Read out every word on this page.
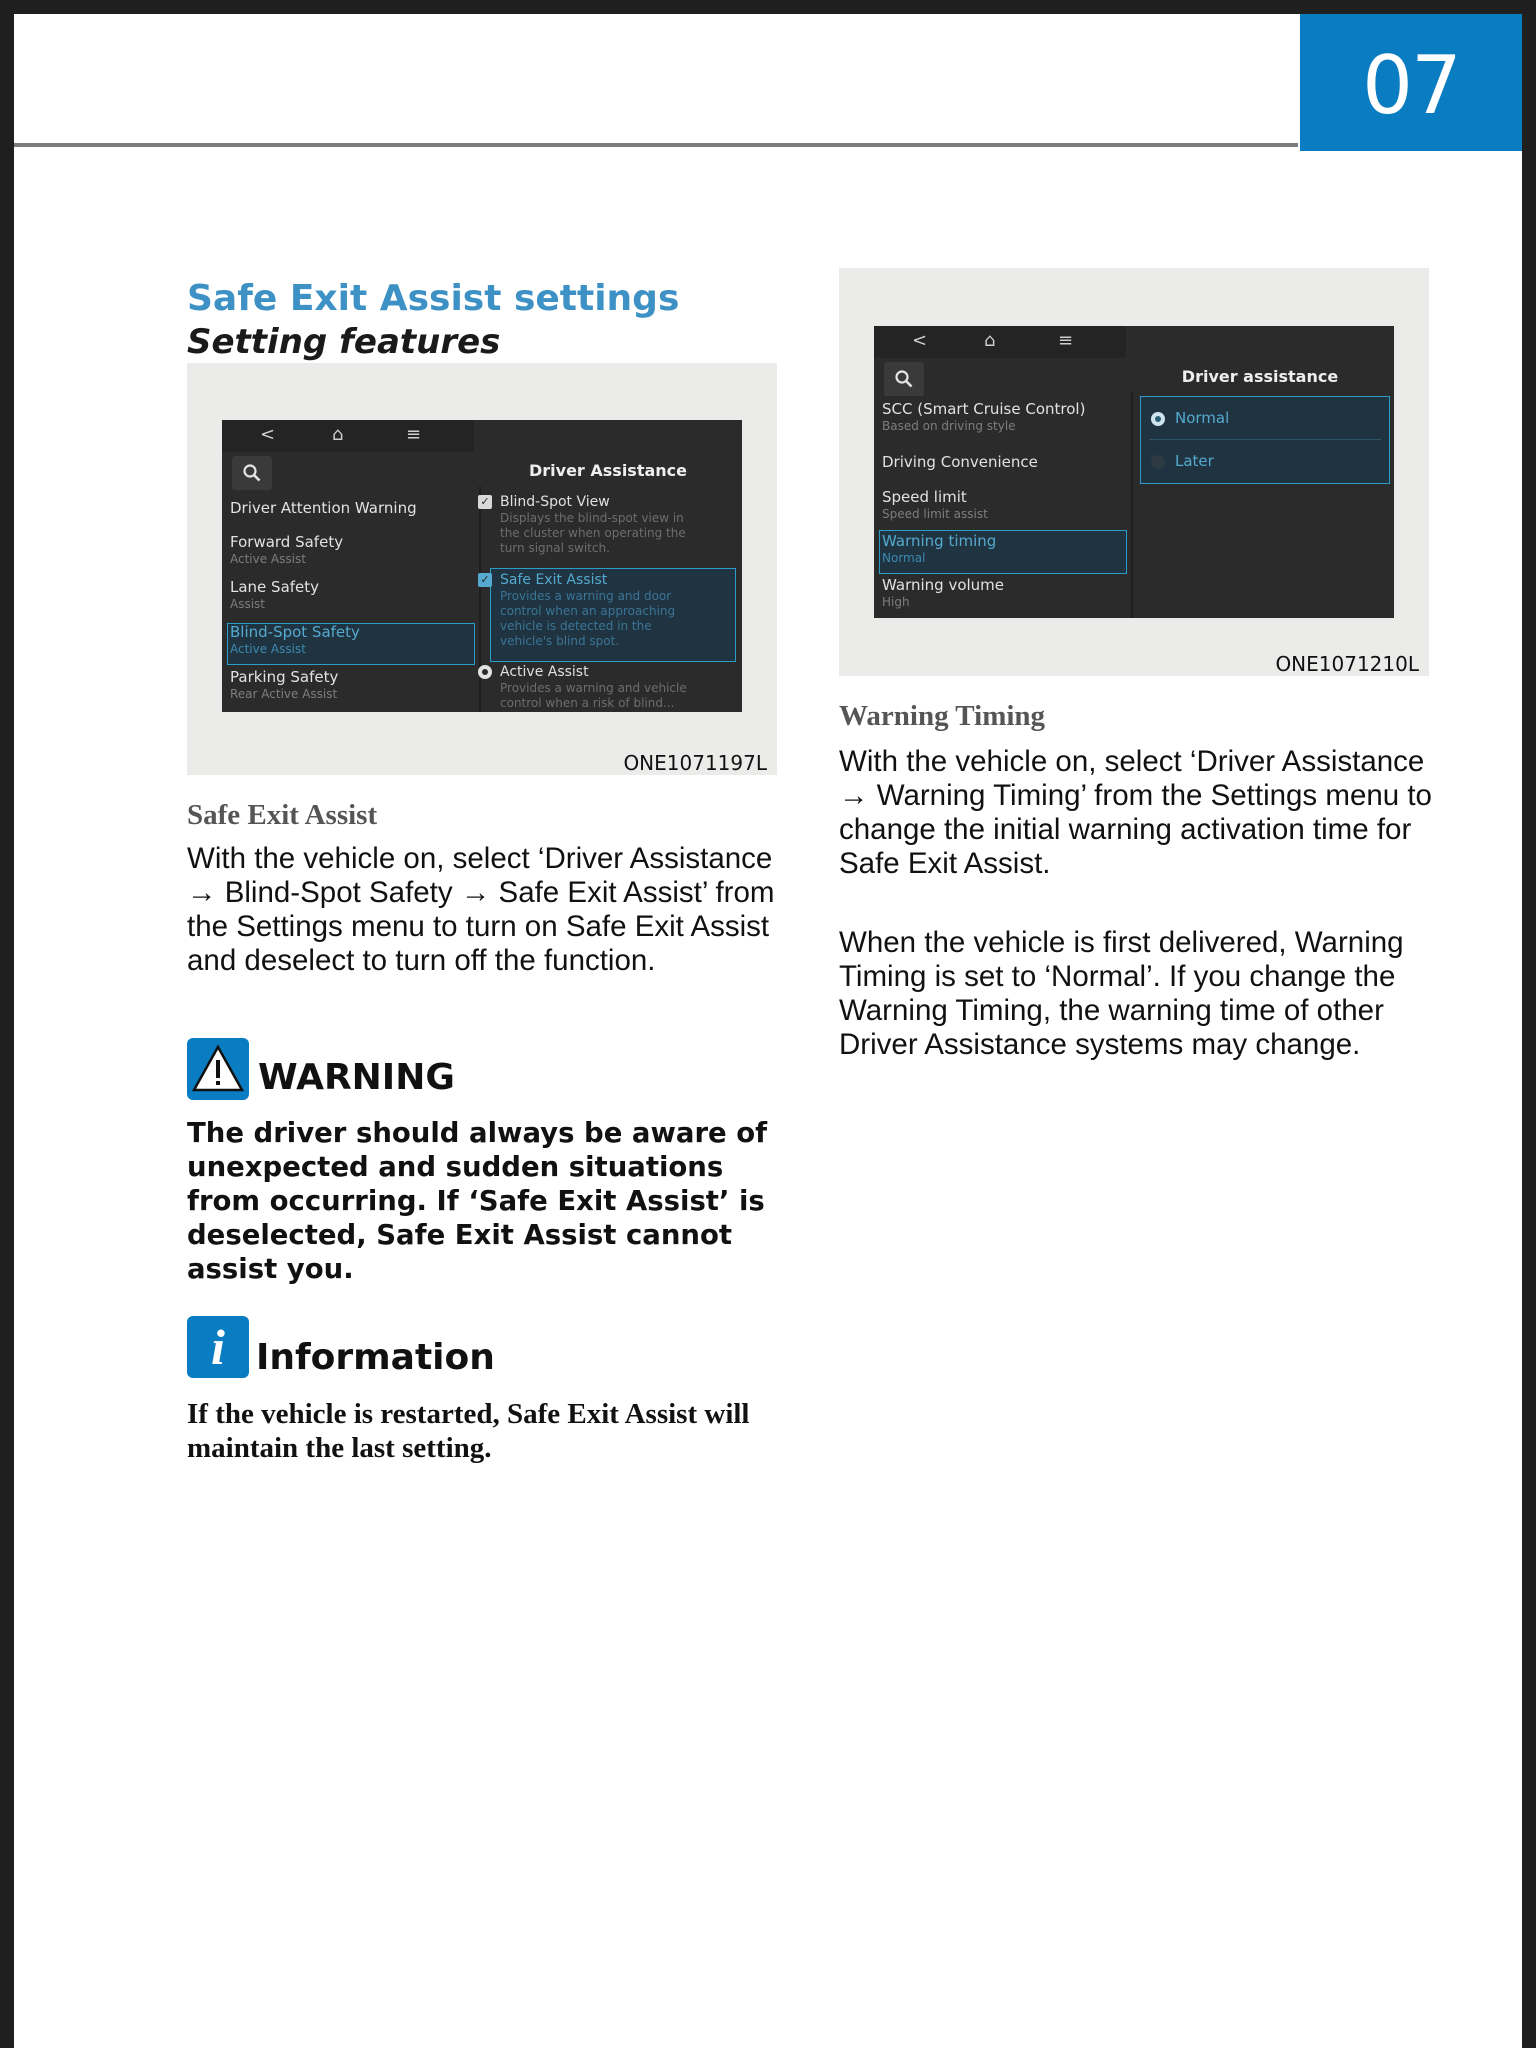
07
Safe Exit Assist settings
Setting features
<	⌂	≡
Driver Assistance
Driver Attention Warning
Forward Safety
Active Assist
Lane Safety
Assist
Blind-Spot Safety
Active Assist
Parking Safety
Rear Active Assist
✓ Blind-Spot View
Displays the blind-spot view in the cluster when operating the turn signal switch.
✓ Safe Exit Assist
Provides a warning and door control when an approaching vehicle is detected in the vehicle's blind spot.
Active Assist
Provides a warning and vehicle control when a risk of blind...
ONE1071197L
<	⌂	≡
Driver assistance
SCC (Smart Cruise Control)
Based on driving style
Driving Convenience
Speed limit
Speed limit assist
Warning timing
Normal
Warning volume
High
Normal
Later
ONE1071210L
Safe Exit Assist
With the vehicle on, select ‘Driver Assistance → Blind-Spot Safety → Safe Exit Assist’ from the Settings menu to turn on Safe Exit Assist and deselect to turn off the function.
WARNING
The driver should always be aware of unexpected and sudden situations from occurring. If ‘Safe Exit Assist’ is deselected, Safe Exit Assist cannot assist you.
i Information
If the vehicle is restarted, Safe Exit Assist will maintain the last setting.
Warning Timing
With the vehicle on, select ‘Driver Assistance → Warning Timing’ from the Settings menu to change the initial warning activation time for Safe Exit Assist.
When the vehicle is first delivered, Warning Timing is set to ‘Normal’. If you change the Warning Timing, the warning time of other Driver Assistance systems may change.
